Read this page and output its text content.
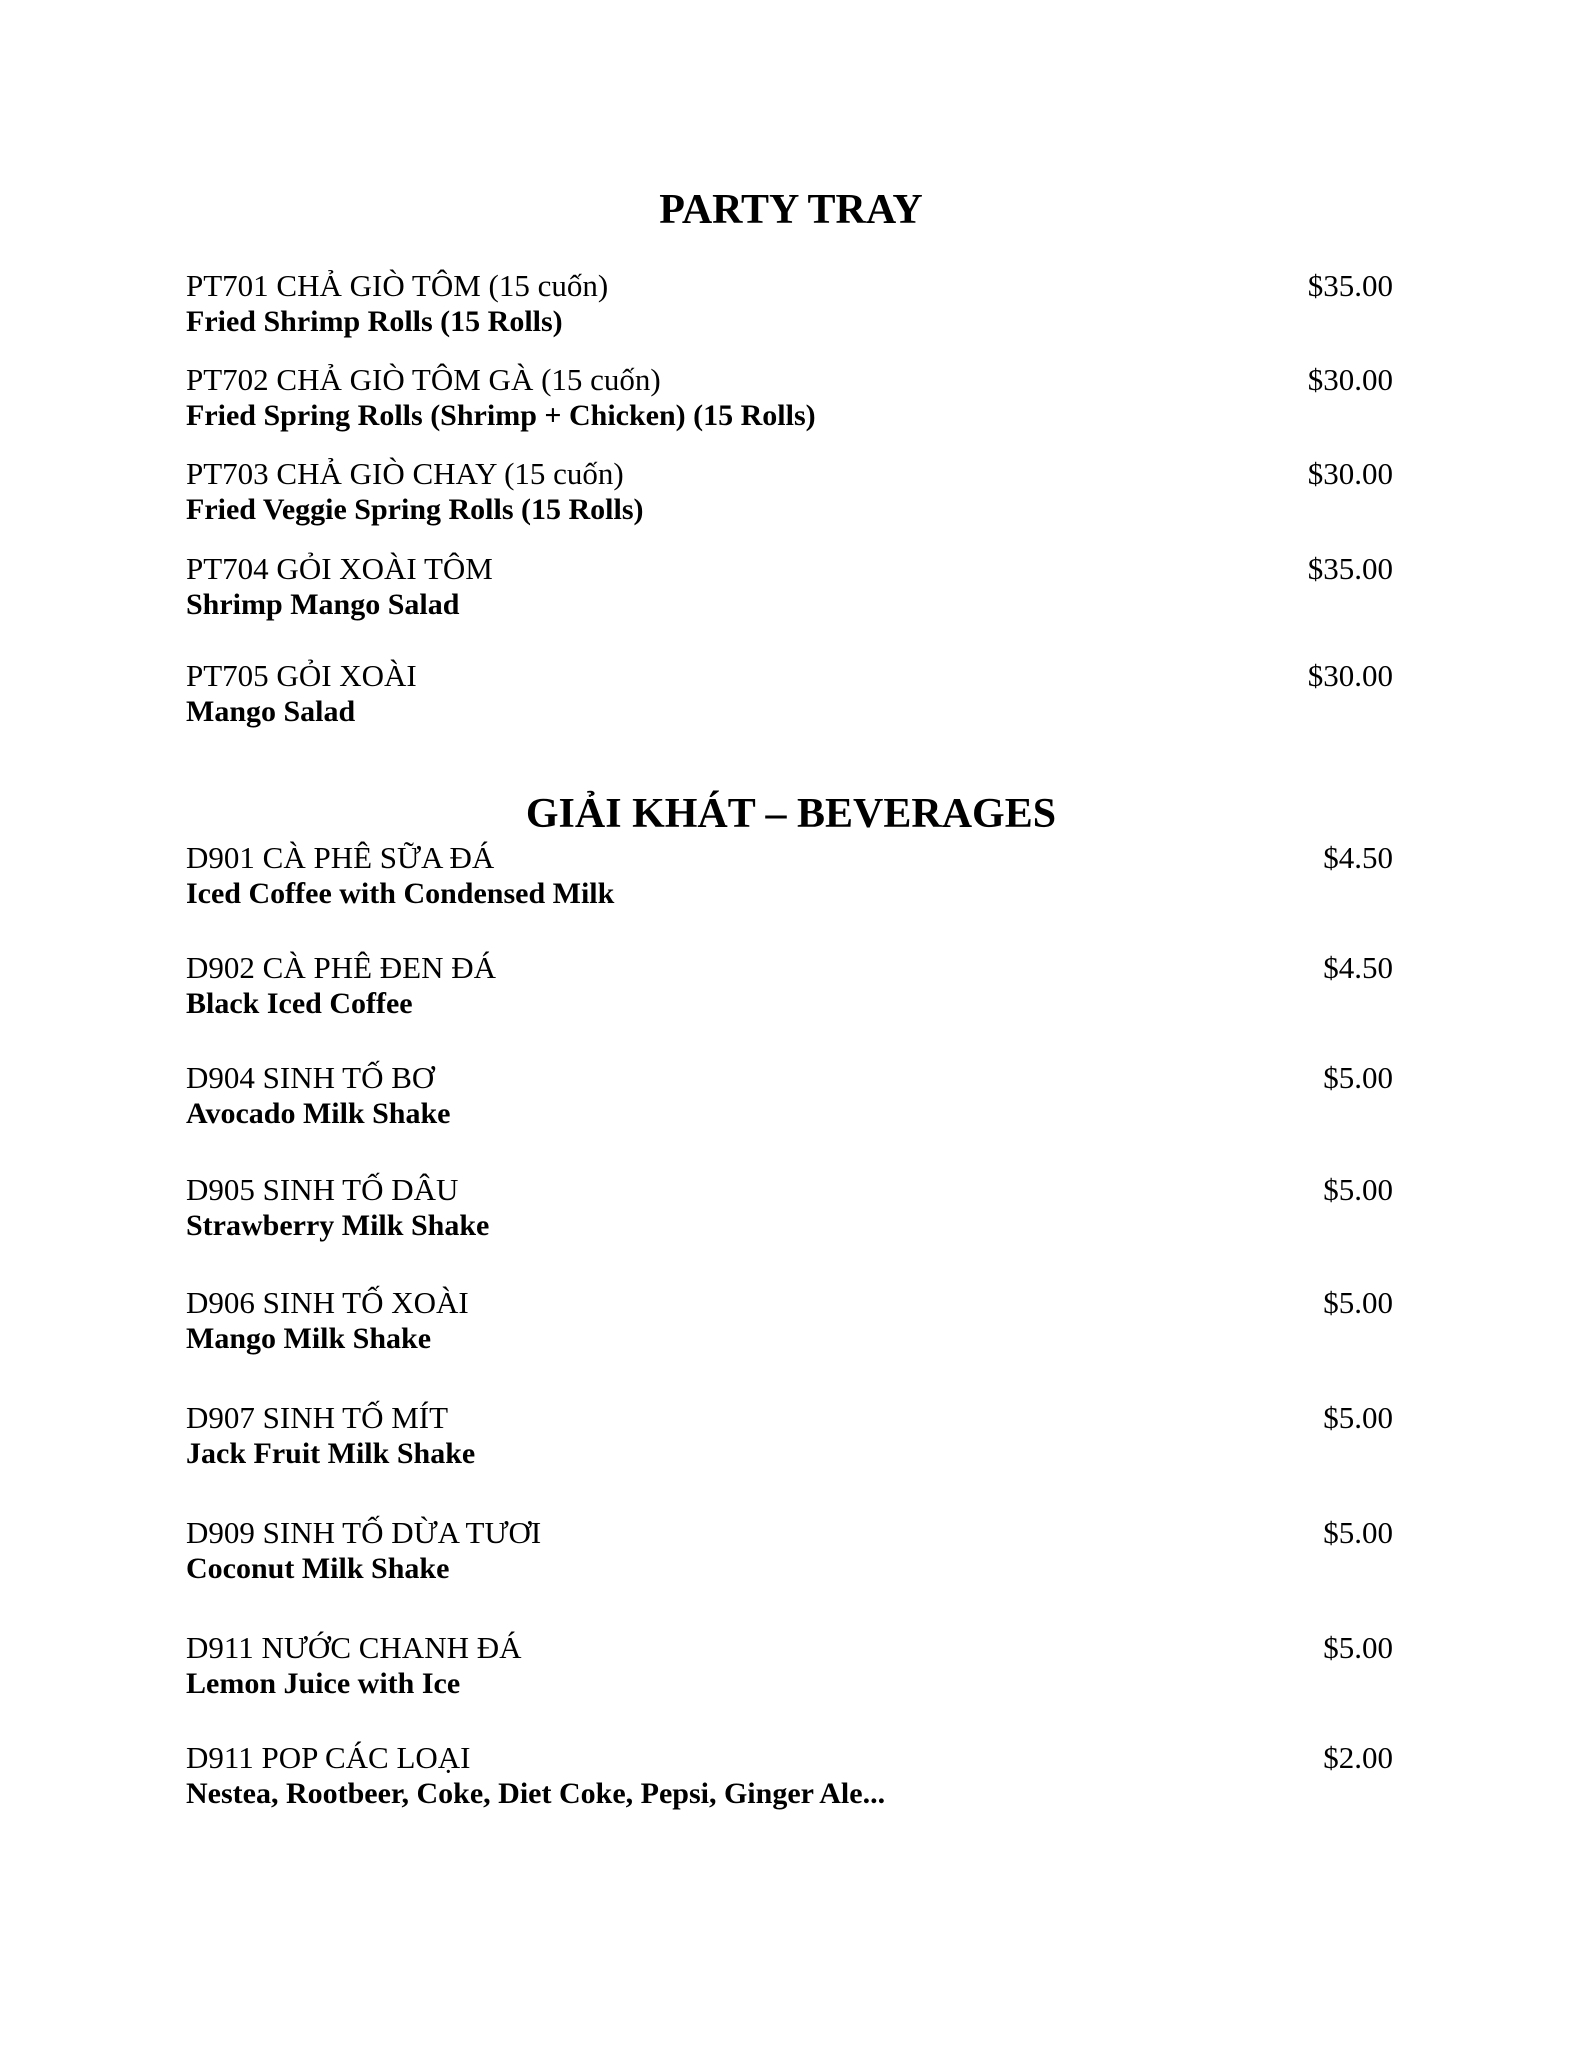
PARTY TRAY
PT701 CHẢ GIÒ TÔM (15 cuốn)	$35.00
Fried Shrimp Rolls (15 Rolls)
PT702 CHẢ GIÒ TÔM GÀ (15 cuốn)	$30.00
Fried Spring Rolls (Shrimp + Chicken) (15 Rolls)
PT703 CHẢ GIÒ CHAY (15 cuốn)	$30.00
Fried Veggie Spring Rolls (15 Rolls)
PT704 GỎI XOÀI TÔM	$35.00
Shrimp Mango Salad
PT705 GỎI XOÀI	$30.00
Mango Salad
GIẢI KHÁT – BEVERAGES
D901 CÀ PHÊ SỮA ĐÁ	$4.50
Iced Coffee with Condensed Milk
D902 CÀ PHÊ ĐEN ĐÁ	$4.50
Black Iced Coffee
D904 SINH TỐ BƠ	$5.00
Avocado Milk Shake
D905 SINH TỐ DÂU	$5.00
Strawberry Milk Shake
D906 SINH TỐ XOÀI	$5.00
Mango Milk Shake
D907 SINH TỐ MÍT	$5.00
Jack Fruit Milk Shake
D909 SINH TỐ DỪA TƯƠI	$5.00
Coconut Milk Shake
D911 NƯỚC CHANH ĐÁ	$5.00
Lemon Juice with Ice
D911 POP CÁC LOẠI	$2.00
Nestea, Rootbeer, Coke, Diet Coke, Pepsi, Ginger Ale...
